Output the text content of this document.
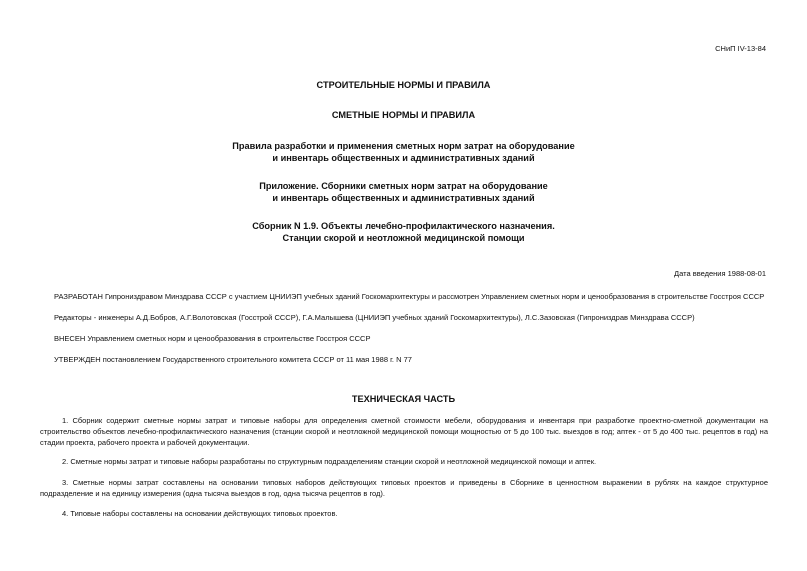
СНиП IV-13-84
СТРОИТЕЛЬНЫЕ НОРМЫ И ПРАВИЛА
СМЕТНЫЕ НОРМЫ И ПРАВИЛА
Правила разработки и применения сметных норм затрат на оборудование
и инвентарь общественных и административных зданий
Приложение. Сборники сметных норм затрат на оборудование
и инвентарь общественных и административных зданий
Сборник N 1.9. Объекты лечебно-профилактического назначения.
Станции скорой и неотложной медицинской помощи
Дата введения 1988-08-01
РАЗРАБОТАН Гипрониздравом Минздрава СССР с участием ЦНИИЭП учебных зданий Госкомархитектуры и рассмотрен Управлением сметных норм и ценообразования в строительстве Госстроя СССР
Редакторы - инженеры А.Д.Бобров, А.Г.Волотовская (Госстрой СССР), Г.А.Малышева (ЦНИИЭП учебных зданий Госкомархитектуры), Л.С.Зазовская (Гипрониздрав Минздрава СССР)
ВНЕСЕН Управлением сметных норм и ценообразования в строительстве Госстроя СССР
УТВЕРЖДЕН постановлением Государственного строительного комитета СССР от 11 мая 1988 г. N 77
ТЕХНИЧЕСКАЯ ЧАСТЬ
1. Сборник содержит сметные нормы затрат и типовые наборы для определения сметной стоимости мебели, оборудования и инвентаря при разработке проектно-сметной документации на строительство объектов лечебно-профилактического назначения (станции скорой и неотложной медицинской помощи мощностью от 5 до 100 тыс. выездов в год; аптек - от 5 до 400 тыс. рецептов в год) на стадии проекта, рабочего проекта и рабочей документации.
2. Сметные нормы затрат и типовые наборы разработаны по структурным подразделениям станции скорой и неотложной медицинской помощи и аптек.
3. Сметные нормы затрат составлены на основании типовых наборов действующих типовых проектов и приведены в Сборнике в ценностном выражении в рублях на каждое структурное подразделение и на единицу измерения (одна тысяча выездов в год, одна тысяча рецептов в год).
4. Типовые наборы составлены на основании действующих типовых проектов.
